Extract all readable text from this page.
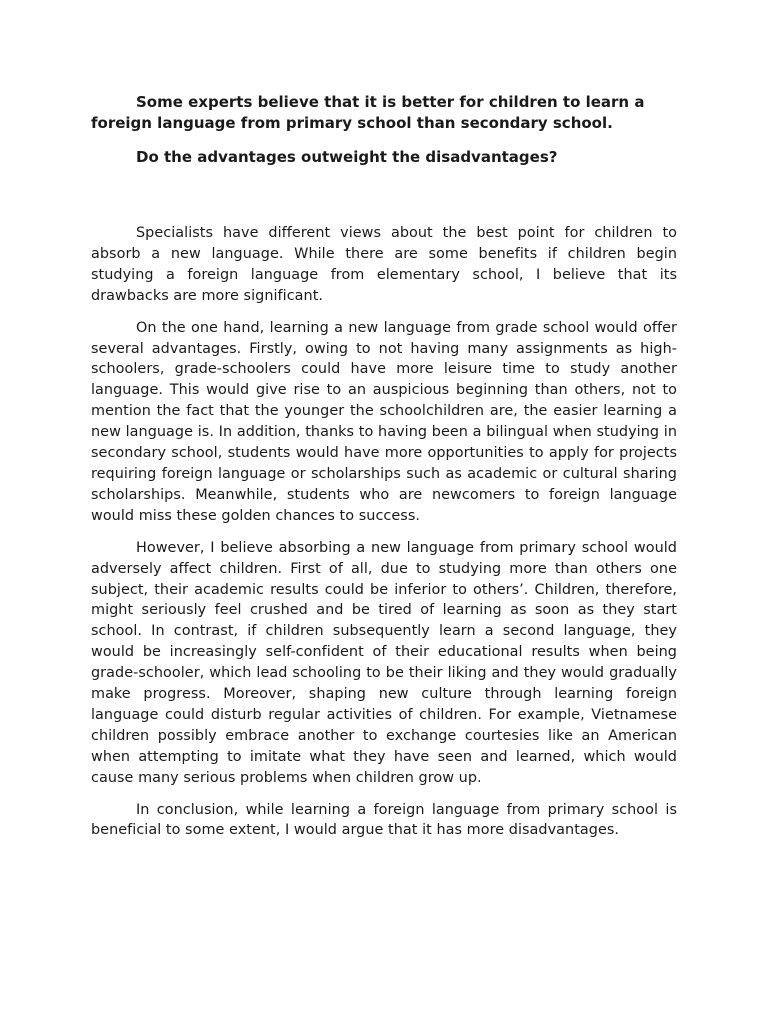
Some experts believe that it is better for children to learn a foreign language from primary school than secondary school.

Do the advantages outweight the disadvantages?

Specialists have different views about the best point for children to absorb a new language. While there are some benefits if children begin studying a foreign language from elementary school, I believe that its drawbacks are more significant.

On the one hand, learning a new language from grade school would offer several advantages. Firstly, owing to not having many assignments as high-schoolers, grade-schoolers could have more leisure time to study another language. This would give rise to an auspicious beginning than others, not to mention the fact that the younger the schoolchildren are, the easier learning a new language is. In addition, thanks to having been a bilingual when studying in secondary school, students would have more opportunities to apply for projects requiring foreign language or scholarships such as academic or cultural sharing scholarships. Meanwhile, students who are newcomers to foreign language would miss these golden chances to success.

However, I believe absorbing a new language from primary school would adversely affect children. First of all, due to studying more than others one subject, their academic results could be inferior to others’. Children, therefore, might seriously feel crushed and be tired of learning as soon as they start school. In contrast, if children subsequently learn a second language, they would be increasingly self-confident of their educational results when being grade-schooler, which lead schooling to be their liking and they would gradually make progress. Moreover, shaping new culture through learning foreign language could disturb regular activities of children. For example, Vietnamese children possibly embrace another to exchange courtesies like an American when attempting to imitate what they have seen and learned, which would cause many serious problems when children grow up.

In conclusion, while learning a foreign language from primary school is beneficial to some extent, I would argue that it has more disadvantages.
